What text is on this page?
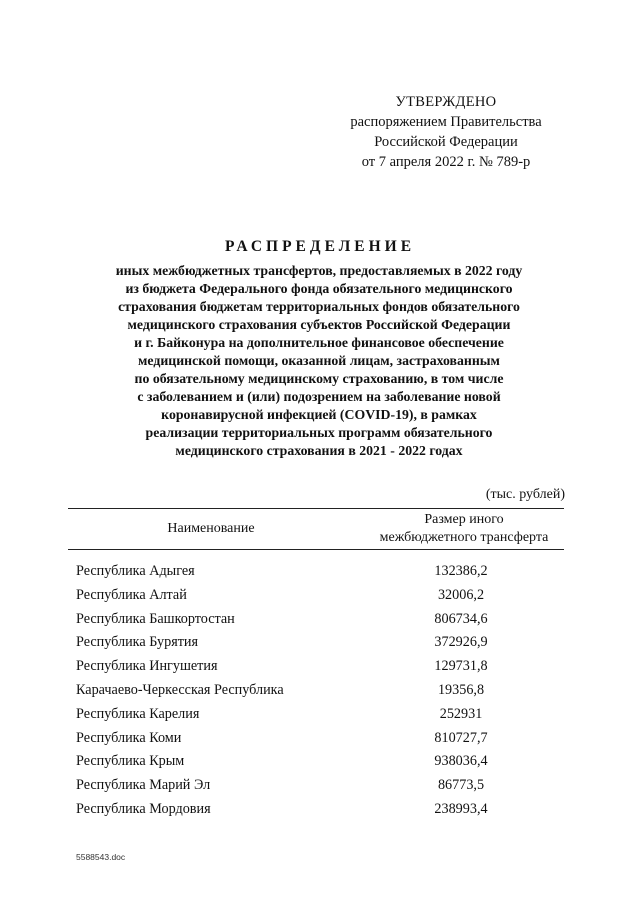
УТВЕРЖДЕНО
распоряжением Правительства
Российской Федерации
от 7 апреля 2022 г. № 789-р
РАСПРЕДЕЛЕНИЕ
иных межбюджетных трансфертов, предоставляемых в 2022 году
из бюджета Федерального фонда обязательного медицинского
страхования бюджетам территориальных фондов обязательного
медицинского страхования субъектов Российской Федерации
и г. Байконура на дополнительное финансовое обеспечение
медицинской помощи, оказанной лицам, застрахованным
по обязательному медицинскому страхованию, в том числе
с заболеванием и (или) подозрением на заболевание новой
коронавирусной инфекцией (COVID-19), в рамках
реализации территориальных программ обязательного
медицинского страхования в 2021 - 2022 годах
(тыс. рублей)
Наименование
Размер иного
межбюджетного трансферта
Республика Адыгея	132386,2
Республика Алтай	32006,2
Республика Башкортостан	806734,6
Республика Бурятия	372926,9
Республика Ингушетия	129731,8
Карачаево-Черкесская Республика	19356,8
Республика Карелия	252931
Республика Коми	810727,7
Республика Крым	938036,4
Республика Марий Эл	86773,5
Республика Мордовия	238993,4
5588543.doc
